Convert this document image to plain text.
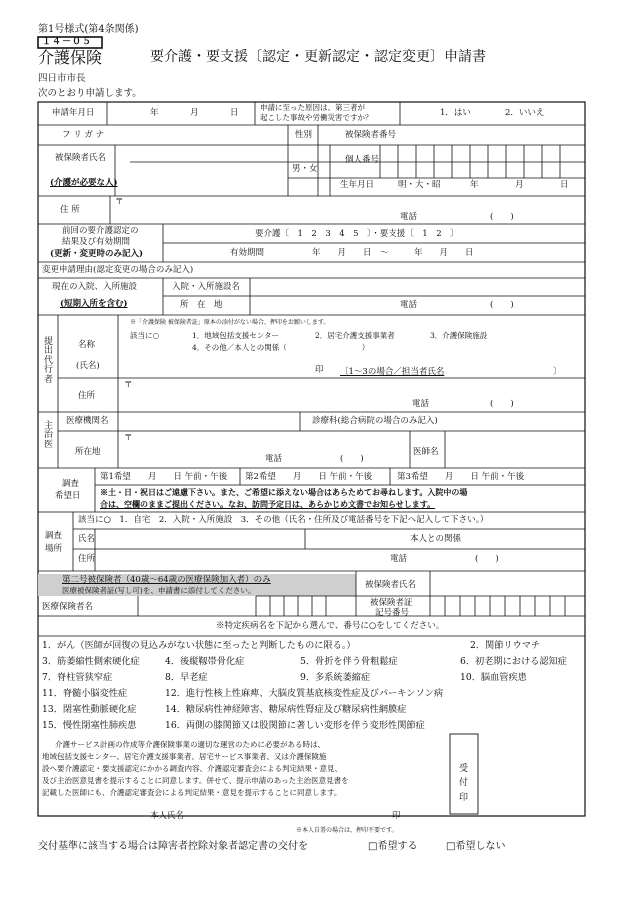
第1号様式(第4条関係)
１４－０５
介護保険	要介護・要支援〔認定・更新認定・認定変更〕申請書
四日市市長
次のとおり申請します。
申請年月日	年	月	日
申請に至った原因は、第三者が
起こした事故や労働災害ですか？	1．はい	2．いいえ
フ リ ガ ナ	性別	被保険者番号
被保険者氏名
(介護が必要な人)
男・女
個人番号
生年月日	明・大・昭	年	月	日
住 所
〒
電話	(　　)
前回の要介護認定の
結果及び有効期間
(更新・変更時のみ記入)
要介護〔　1　2　3　4　5　〕・要支援〔　1　2　〕
有効期間	年　　月　　日　～　　　年　　月　　日
変更申請理由(認定変更の場合のみ記入)
現在の入院、入所施設
(短期入所を含む)
入院・入所施設名
所　在　地	電話	(　　)
提出代行者
名称
(氏名)
※「介護保険 被保険者証」原本の添付がない場合、押印をお願いします。
該当に○	1．地域包括支援センター	2．居宅介護支援事業者	3．介護保険施設
4．その他／本人との関係（　　　　　　　　　　）
印 〔1～3の場合／担当者氏名	〕
住所
〒
電話	(　　)
主治医
医療機関名	診療科(総合病院の場合のみ記入)
所在地
〒
電話	(　　)
医師名
調査
希望日
第1希望　　月　　日 午前・午後 第2希望　　月　　日 午前・午後	第3希望　　月　　日 午前・午後
※土・日・祝日はご遠慮下さい。また、ご希望に添えない場合はあらためてお尋ねします。入院中の場
合は、空欄のままご提出ください。なお、訪問予定日は、あらかじめ文書でお知らせします。
調査
場所
該当に○　1．自宅　2．入院・入所施設　3．その他（氏名・住所及び電話番号を下記へ記入して下さい。）
氏名	本人との関係
住所	電話	(　　)
第二号被保険者（40歳～64歳の医療保険加入者）のみ
医療被保険者証(写し可)を、申請書に添付してください。
被保険者氏名
医療保険者名	被保険者証
記号番号
※特定疾病名を下記から選んで、番号に○をしてください。
1．がん（医師が回復の見込みがない状態に至ったと判断したものに限る。）	2．関節リウマチ
3．筋萎縮性側索硬化症	4．後縦靱帯骨化症	5．骨折を伴う骨粗鬆症	6．初老期における認知症
7．脊柱管狭窄症	8．早老症	9．多系統萎縮症	10．脳血管疾患
11．脊髄小脳変性症	12．進行性核上性麻痺、大脳皮質基底核変性症及びパーキンソン病
13．閉塞性動脈硬化症	14．糖尿病性神経障害、糖尿病性腎症及び糖尿病性網膜症
15．慢性閉塞性肺疾患	16．両側の膝関節又は股関節に著しい変形を伴う変形性関節症
介護サービス計画の作成等介護保険事業の適切な運営のために必要がある時は、
地域包括支援センター、居宅介護支援事業者、居宅サービス事業者、又は介護保険施
設へ要介護認定・要支援認定にかかる調査内容、介護認定審査会による判定結果・意見、
及び主治医意見書を提示することに同意します。併せて、提示申請のあった主治医意見書を
記載した医師にも、介護認定審査会による判定結果・意見を提示することに同意します。
本人氏名	印
※本人自署の場合は、押印不要です。
受付印
交付基準に該当する場合は障害者控除対象者認定書の交付を	□希望する	□希望しない
